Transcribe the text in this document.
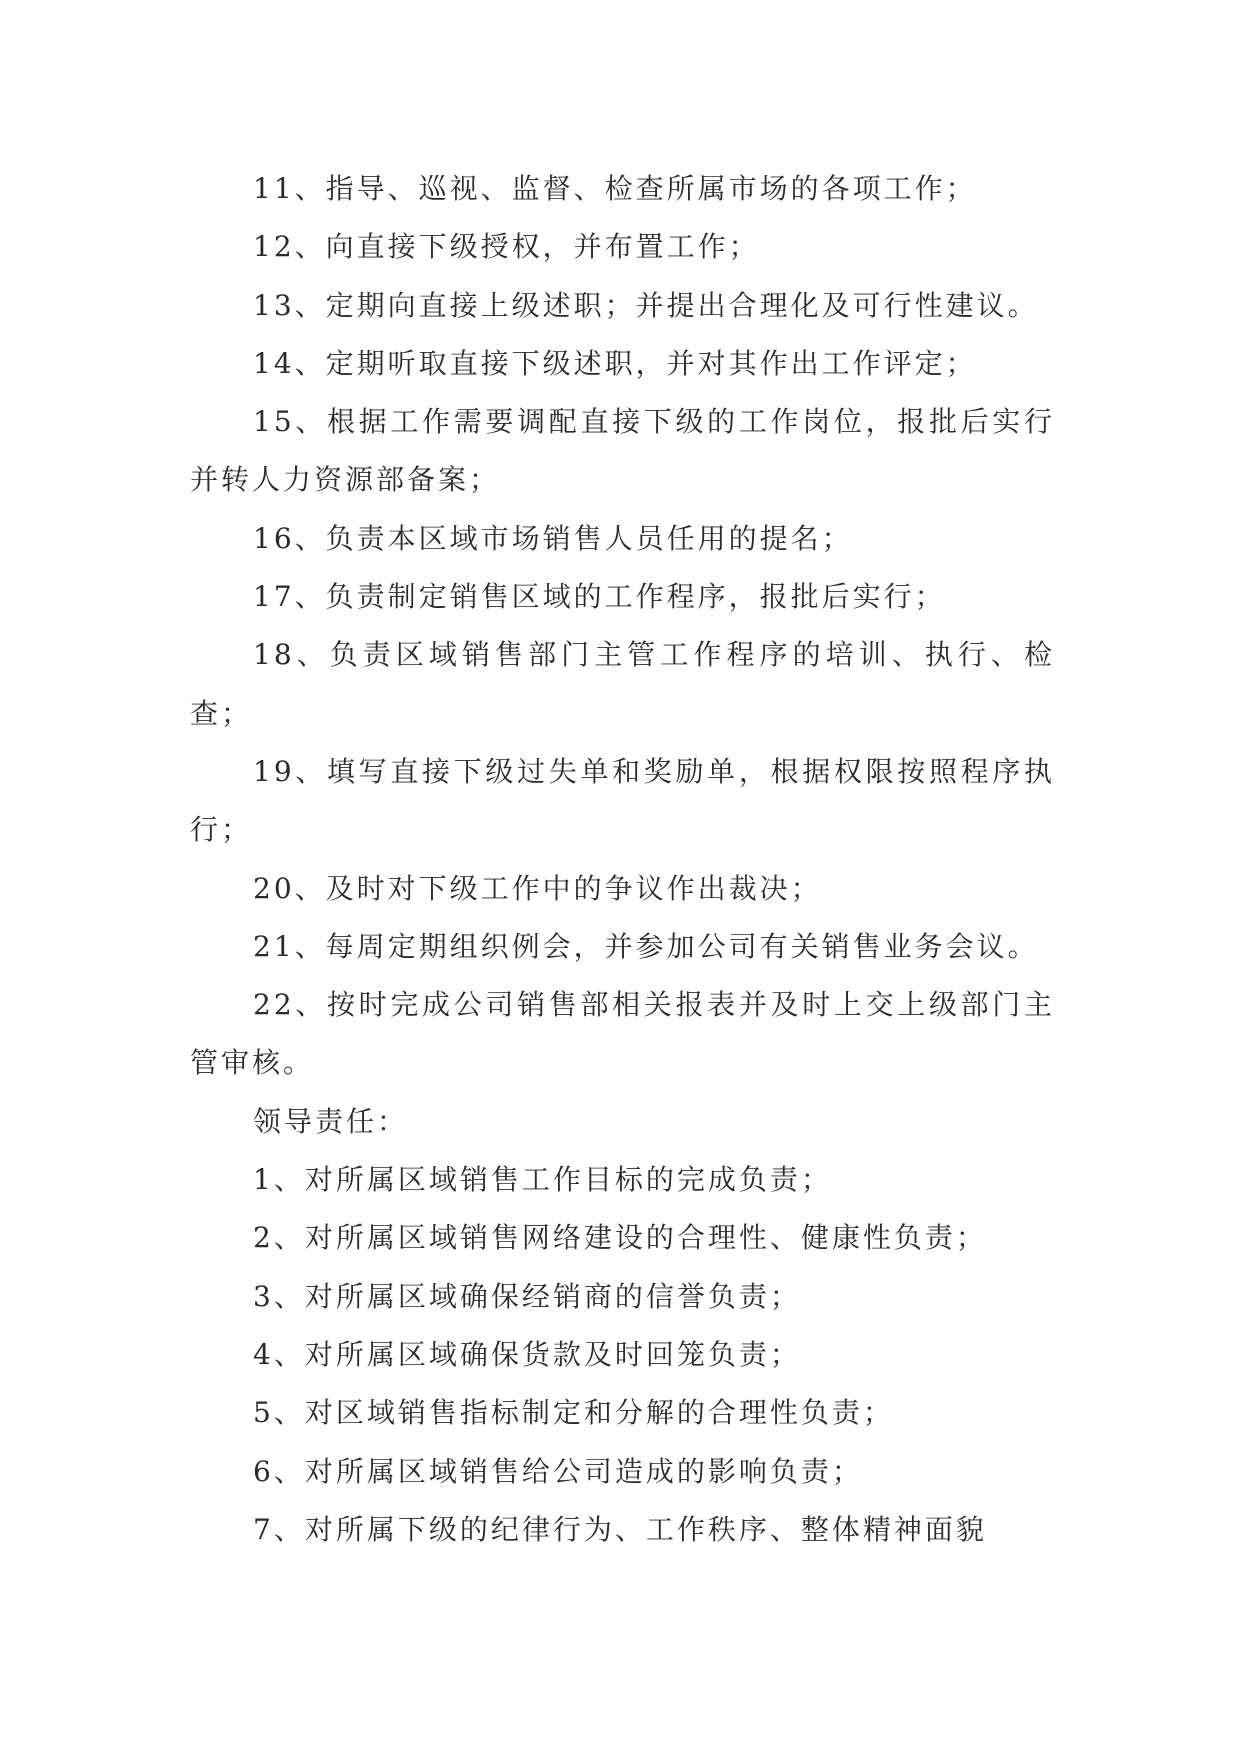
11、指导、巡视、监督、检查所属市场的各项工作；

12、向直接下级授权，并布置工作；

13、定期向直接上级述职；并提出合理化及可行性建议。

14、定期听取直接下级述职，并对其作出工作评定；

15、根据工作需要调配直接下级的工作岗位，报批后实行并转人力资源部备案；

16、负责本区域市场销售人员任用的提名；

17、负责制定销售区域的工作程序，报批后实行；

18、负责区域销售部门主管工作程序的培训、执行、检查；

19、填写直接下级过失单和奖励单，根据权限按照程序执行；

20、及时对下级工作中的争议作出裁决；

21、每周定期组织例会，并参加公司有关销售业务会议。

22、按时完成公司销售部相关报表并及时上交上级部门主管审核。

领导责任：

1、对所属区域销售工作目标的完成负责；

2、对所属区域销售网络建设的合理性、健康性负责；

3、对所属区域确保经销商的信誉负责；

4、对所属区域确保货款及时回笼负责；

5、对区域销售指标制定和分解的合理性负责；

6、对所属区域销售给公司造成的影响负责；

7、对所属下级的纪律行为、工作秩序、整体精神面貌
